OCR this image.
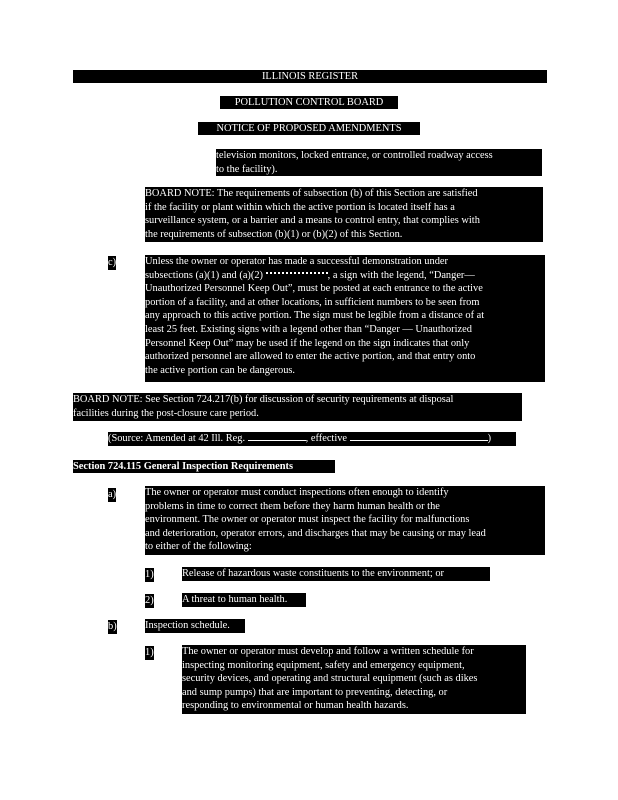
ILLINOIS REGISTER
POLLUTION CONTROL BOARD
NOTICE OF PROPOSED AMENDMENTS
television monitors, locked entrance, or controlled roadway access
to the facility).
BOARD NOTE: The requirements of subsection (b) of this Section are satisfied
if the facility or plant within which the active portion is located itself has a
surveillance system, or a barrier and a means to control entry, that complies with
the requirements of subsection (b)(1) or (b)(2) of this Section.
c)	Unless the owner or operator has made a successful demonstration under
subsections (a)(1) and (a)(2)	, a sign with the legend, “Danger—
Unauthorized Personnel Keep Out”, must be posted at each entrance to the active
portion of a facility, and at other locations, in sufficient numbers to be seen from
any approach to this active portion. The sign must be legible from a distance of at
least 25 feet. Existing signs with a legend other than “Danger — Unauthorized
Personnel Keep Out” may be used if the legend on the sign indicates that only
authorized personnel are allowed to enter the active portion, and that entry onto
the active portion can be dangerous.
BOARD NOTE: See Section 724.217(b) for discussion of security requirements at disposal
facilities during the post-closure care period.
(Source: Amended at 42 Ill. Reg.	, effective	)
Section 724.115 General Inspection Requirements
a)	The owner or operator must conduct inspections often enough to identify
problems in time to correct them before they harm human health or the
environment. The owner or operator must inspect the facility for malfunctions
and deterioration, operator errors, and discharges that may be causing or may lead
to either of the following:
1)	Release of hazardous waste constituents to the environment; or
2)	A threat to human health.
b)	Inspection schedule.
1)	The owner or operator must develop and follow a written schedule for
inspecting monitoring equipment, safety and emergency equipment,
security devices, and operating and structural equipment (such as dikes
and sump pumps) that are important to preventing, detecting, or
responding to environmental or human health hazards.
